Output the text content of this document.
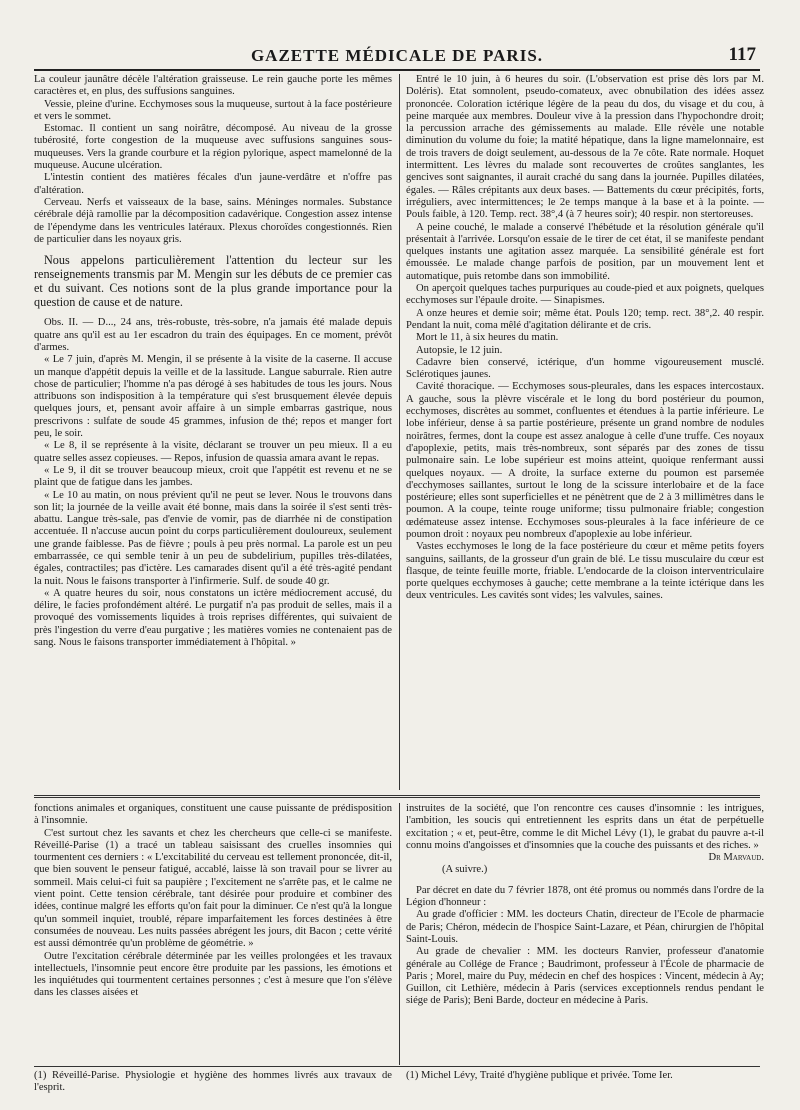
GAZETTE MÉDICALE DE PARIS.	117

La couleur jaunâtre décèle l'altération graisseuse. Le rein gauche porte les mêmes caractères et, en plus, des suffusions sanguines.

Vessie, pleine d'urine. Ecchymoses sous la muqueuse, surtout à la face postérieure et vers le sommet.

Estomac. Il contient un sang noirâtre, décomposé. Au niveau de la grosse tubérosité, forte congestion de la muqueuse avec suffusions sanguines sous-muqueuses. Vers la grande courbure et la région pylorique, aspect mamelonné de la muqueuse. Aucune ulcération.

L'intestin contient des matières fécales d'un jaune-verdâtre et n'offre pas d'altération.

Cerveau. Nerfs et vaisseaux de la base, sains. Méninges normales. Substance cérébrale déjà ramollie par la décomposition cadavérique. Congestion assez intense de l'épendyme dans les ventricules latéraux. Plexus choroïdes congestionnés. Rien de particulier dans les noyaux gris.

Nous appelons particulièrement l'attention du lecteur sur les renseignements transmis par M. Mengin sur les débuts de ce premier cas et du suivant. Ces notions sont de la plus grande importance pour la question de cause et de nature.

Obs. II. — D..., 24 ans, très-robuste, très-sobre, n'a jamais été malade depuis quatre ans qu'il est au 1er escadron du train des équipages. En ce moment, prévôt d'armes.

« Le 7 juin, d'après M. Mengin, il se présente à la visite de la caserne. Il accuse un manque d'appétit depuis la veille et de la lassitude. Langue saburrale. Rien autre chose de particulier; l'homme n'a pas dérogé à ses habitudes de tous les jours. Nous attribuons son indisposition à la température qui s'est brusquement élevée depuis quelques jours, et, pensant avoir affaire à un simple embarras gastrique, nous prescrivons : sulfate de soude 45 grammes, infusion de thé; repos et manger fort peu, le soir.

« Le 8, il se représente à la visite, déclarant se trouver un peu mieux. Il a eu quatre selles assez copieuses. — Repos, infusion de quassia amara avant le repas.

« Le 9, il dit se trouver beaucoup mieux, croit que l'appétit est revenu et ne se plaint que de fatigue dans les jambes.

« Le 10 au matin, on nous prévient qu'il ne peut se lever. Nous le trouvons dans son lit; la journée de la veille avait été bonne, mais dans la soirée il s'est senti très-abattu. Langue très-sale, pas d'envie de vomir, pas de diarrhée ni de constipation accentuée. Il n'accuse aucun point du corps particulièrement douloureux, seulement une grande faiblesse. Pas de fièvre ; pouls à peu près normal. La parole est un peu embarrassée, ce qui semble tenir à un peu de subdelirium, pupilles très-dilatées, égales, contractiles; pas d'ictère. Les camarades disent qu'il a été très-agité pendant la nuit. Nous le faisons transporter à l'infirmerie. Sulf. de soude 40 gr.

« A quatre heures du soir, nous constatons un ictère médiocrement accusé, du délire, le facies profondément altéré. Le purgatif n'a pas produit de selles, mais il a provoqué des vomissements liquides à trois reprises différentes, qui suivaient de près l'ingestion du verre d'eau purgative ; les matières vomies ne contenaient pas de sang. Nous le faisons transporter immédiatement à l'hôpital. »

Entré le 10 juin, à 6 heures du soir. (L'observation est prise dès lors par M. Doléris). Etat somnolent, pseudo-comateux, avec obnubilation des idées assez prononcée. Coloration ictérique légère de la peau du dos, du visage et du cou, à peine marquée aux membres. Douleur vive à la pression dans l'hypochondre droit; la percussion arrache des gémissements au malade. Elle révèle une notable diminution du volume du foie; la matité hépatique, dans la ligne mamelonnaire, est de trois travers de doigt seulement, au-dessous de la 7e côte. Rate normale. Hoquet intermittent. Les lèvres du malade sont recouvertes de croûtes sanglantes, les gencives sont saignantes, il aurait craché du sang dans la journée. Pupilles dilatées, égales. — Râles crépitants aux deux bases. — Battements du cœur précipités, forts, irréguliers, avec intermittences; le 2e temps manque à la base et à la pointe. — Pouls faible, à 120. Temp. rect. 38°,4 (à 7 heures soir); 40 respir. non stertoreuses.

A peine couché, le malade a conservé l'hébétude et la résolution générale qu'il présentait à l'arrivée. Lorsqu'on essaie de le tirer de cet état, il se manifeste pendant quelques instants une agitation assez marquée. La sensibilité générale est fort émoussée. Le malade change parfois de position, par un mouvement lent et automatique, puis retombe dans son immobilité.

On aperçoit quelques taches purpuriques au coude-pied et aux poignets, quelques ecchymoses sur l'épaule droite. — Sinapismes.

A onze heures et demie soir; même état. Pouls 120; temp. rect. 38°,2. 40 respir. Pendant la nuit, coma mêlé d'agitation délirante et de cris.

Mort le 11, à six heures du matin.

Autopsie, le 12 juin.

Cadavre bien conservé, ictérique, d'un homme vigoureusement musclé. Sclérotiques jaunes.

Cavité thoracique. — Ecchymoses sous-pleurales, dans les espaces intercostaux. A gauche, sous la plèvre viscérale et le long du bord postérieur du poumon, ecchymoses, discrètes au sommet, confluentes et étendues à la partie inférieure. Le lobe inférieur, dense à sa partie postérieure, présente un grand nombre de nodules noirâtres, fermes, dont la coupe est assez analogue à celle d'une truffe. Ces noyaux d'apoplexie, petits, mais très-nombreux, sont séparés par des zones de tissu pulmonaire sain. Le lobe supérieur est moins atteint, quoique renfermant aussi quelques noyaux. — A droite, la surface externe du poumon est parsemée d'ecchymoses saillantes, surtout le long de la scissure interlobaire et de la face postérieure; elles sont superficielles et ne pénètrent que de 2 à 3 millimètres dans le poumon. A la coupe, teinte rouge uniforme; tissu pulmonaire friable; congestion œdémateuse assez intense. Ecchymoses sous-pleurales à la face inférieure de ce poumon droit : noyaux peu nombreux d'apoplexie au lobe inférieur.

Vastes ecchymoses le long de la face postérieure du cœur et même petits foyers sanguins, saillants, de la grosseur d'un grain de blé. Le tissu musculaire du cœur est flasque, de teinte feuille morte, friable. L'endocarde de la cloison interventriculaire porte quelques ecchymoses à gauche; cette membrane a la teinte ictérique dans les deux ventricules. Les cavités sont vides; les valvules, saines.

fonctions animales et organiques, constituent une cause puissante de prédisposition à l'insomnie.

C'est surtout chez les savants et chez les chercheurs que celle-ci se manifeste. Réveillé-Parise (1) a tracé un tableau saisissant des cruelles insomnies qui tourmentent ces derniers : « L'excitabilité du cerveau est tellement prononcée, dit-il, que bien souvent le penseur fatigué, accablé, laisse là son travail pour se livrer au sommeil. Mais celui-ci fuit sa paupière ; l'excitement ne s'arrête pas, et le calme ne vient point. Cette tension cérébrale, tant désirée pour produire et combiner des idées, continue malgré les efforts qu'on fait pour la diminuer. Ce n'est qu'à la longue qu'un sommeil inquiet, troublé, répare imparfaitement les forces destinées à être consumées de nouveau. Les nuits passées abrégent les jours, dit Bacon ; cette vérité est aussi démontrée qu'un problème de géométrie. »

Outre l'excitation cérébrale déterminée par les veilles prolongées et les travaux intellectuels, l'insomnie peut encore être produite par les passions, les émotions et les inquiétudes qui tourmentent certaines personnes ; c'est à mesure que l'on s'élève dans les classes aisées et

instruites de la société, que l'on rencontre ces causes d'insomnie : les intrigues, l'ambition, les soucis qui entretiennent les esprits dans un état de perpétuelle excitation ; « et, peut-être, comme le dit Michel Lévy (1), le grabat du pauvre a-t-il connu moins d'angoisses et d'insomnies que la couche des puissants et des riches. »

Dr Marvaud.

(A suivre.)

Par décret en date du 7 février 1878, ont été promus ou nommés dans l'ordre de la Légion d'honneur :

Au grade d'officier : MM. les docteurs Chatin, directeur de l'Ecole de pharmacie de Paris; Chéron, médecin de l'hospice Saint-Lazare, et Péan, chirurgien de l'hôpital Saint-Louis.

Au grade de chevalier : MM. les docteurs Ranvier, professeur d'anatomie générale au Collége de France ; Baudrimont, professeur à l'École de pharmacie de Paris ; Morel, maire du Puy, médecin en chef des hospices : Vincent, médecin à Ay; Guillon, cit Lethière, médecin à Paris (services exceptionnels rendus pendant le siége de Paris); Beni Barde, docteur en médecine à Paris.

(1) Réveillé-Parise. Physiologie et hygiène des hommes livrés aux travaux de l'esprit.
(1) Michel Lévy, Traité d'hygiène publique et privée. Tome Ier.
